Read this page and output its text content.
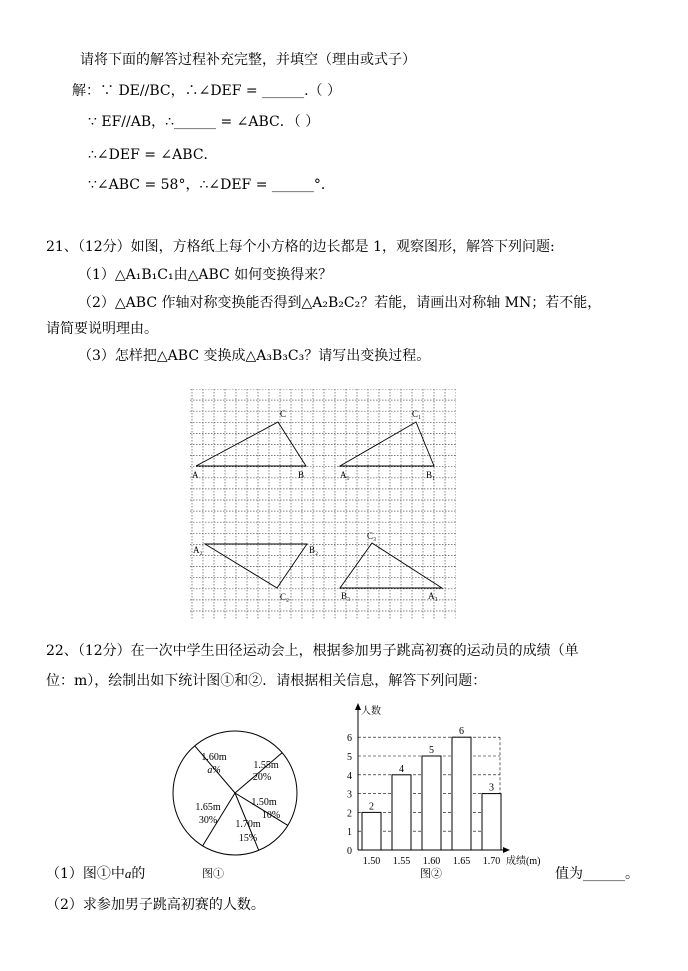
请将下面的解答过程补充完整，并填空（理由或式子）
解：∵ DE//BC，∴∠DEF = ______.（ ）
∵ EF//AB，∴______ = ∠ABC．（ ）
∴∠DEF = ∠ABC．
∵∠ABC = 58°，∴∠DEF = ______°．
21、（12分）如图，方格纸上每个小方格的边长都是 1，观察图形，解答下列问题:
（1）△A₁B₁C₁由△ABC 如何变换得来？
（2）△ABC 作轴对称变换能否得到△A₂B₂C₂？若能，请画出对称轴 MN；若不能，
请简要说明理由。
（3）怎样把△ABC 变换成△A₃B₃C₃？请写出变换过程。
A	B
C
A₁	B₁
C₁
A₂	B₂
C₂	A₃
B₃
C₃
22、（12分）在一次中学生田径运动会上，根据参加男子跳高初赛的运动员的成绩（单
位：m），绘制出如下统计图①和②．请根据相关信息，解答下列问题：
1.60m
a%	1.55m
20%
1.50m
10%
1.70m
15%
1.65m
30%
图①
2
4
5
6
3
0
1
2
3
4
5
6
1.50 1.55 1.60 1.65 1.70
人数
成绩(m)
图②
（1）图①中a的	值为______。
（2）求参加男子跳高初赛的人数。
